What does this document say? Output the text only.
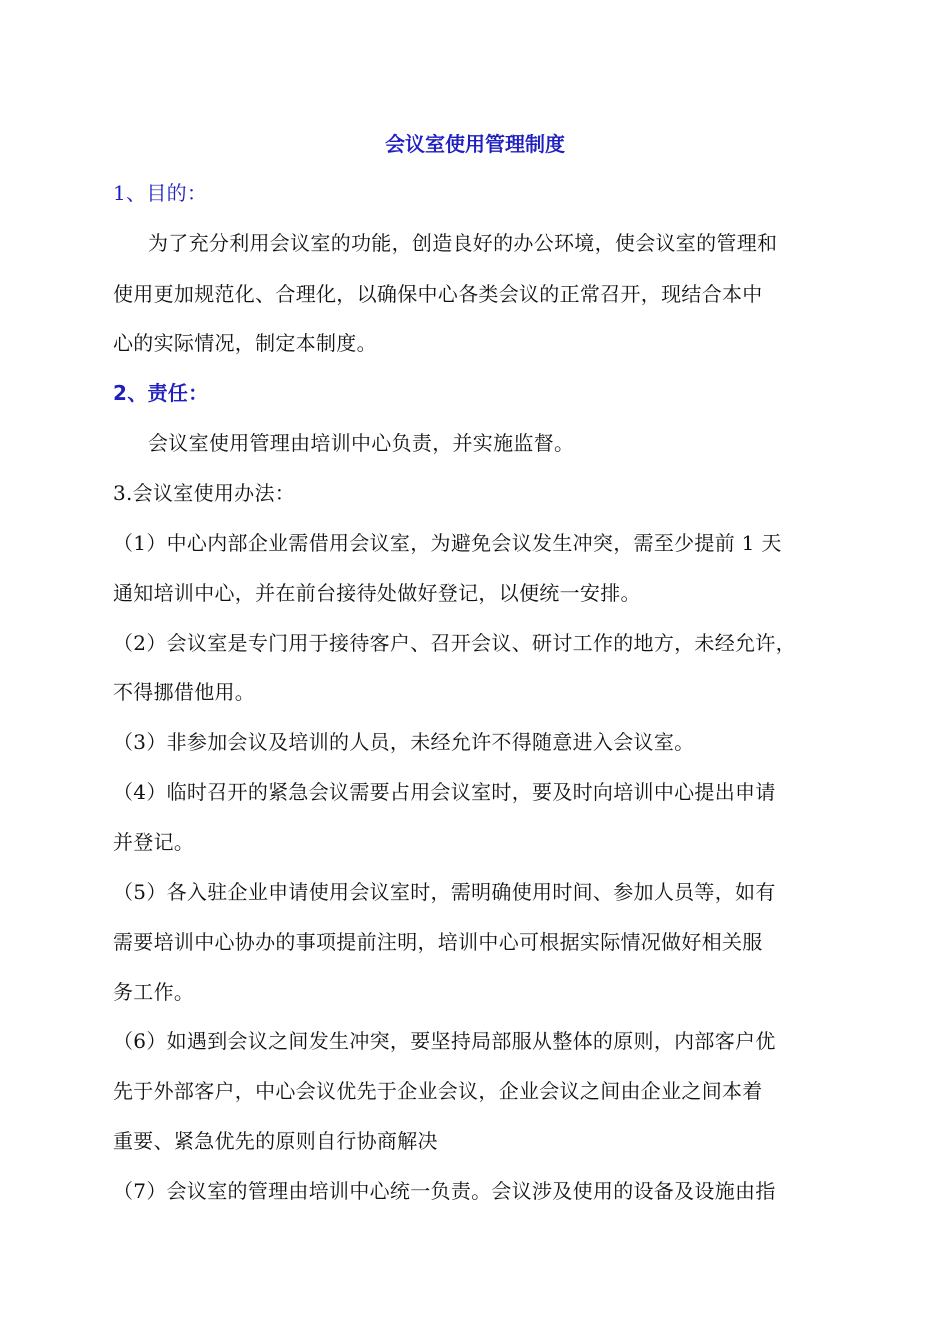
会议室使用管理制度
1、目的：
为了充分利用会议室的功能，创造良好的办公环境，使会议室的管理和
使用更加规范化、合理化，以确保中心各类会议的正常召开，现结合本中
心的实际情况，制定本制度。
2、责任：
会议室使用管理由培训中心负责，并实施监督。
3.会议室使用办法：
（1）中心内部企业需借用会议室，为避免会议发生冲突，需至少提前 1 天
通知培训中心，并在前台接待处做好登记，以便统一安排。
（2）会议室是专门用于接待客户、召开会议、研讨工作的地方，未经允许，
不得挪借他用。
（3）非参加会议及培训的人员，未经允许不得随意进入会议室。
（4）临时召开的紧急会议需要占用会议室时，要及时向培训中心提出申请
并登记。
（5）各入驻企业申请使用会议室时，需明确使用时间、参加人员等，如有
需要培训中心协办的事项提前注明，培训中心可根据实际情况做好相关服
务工作。
（6）如遇到会议之间发生冲突，要坚持局部服从整体的原则，内部客户优
先于外部客户，中心会议优先于企业会议，企业会议之间由企业之间本着
重要、紧急优先的原则自行协商解决
（7）会议室的管理由培训中心统一负责。会议涉及使用的设备及设施由指
